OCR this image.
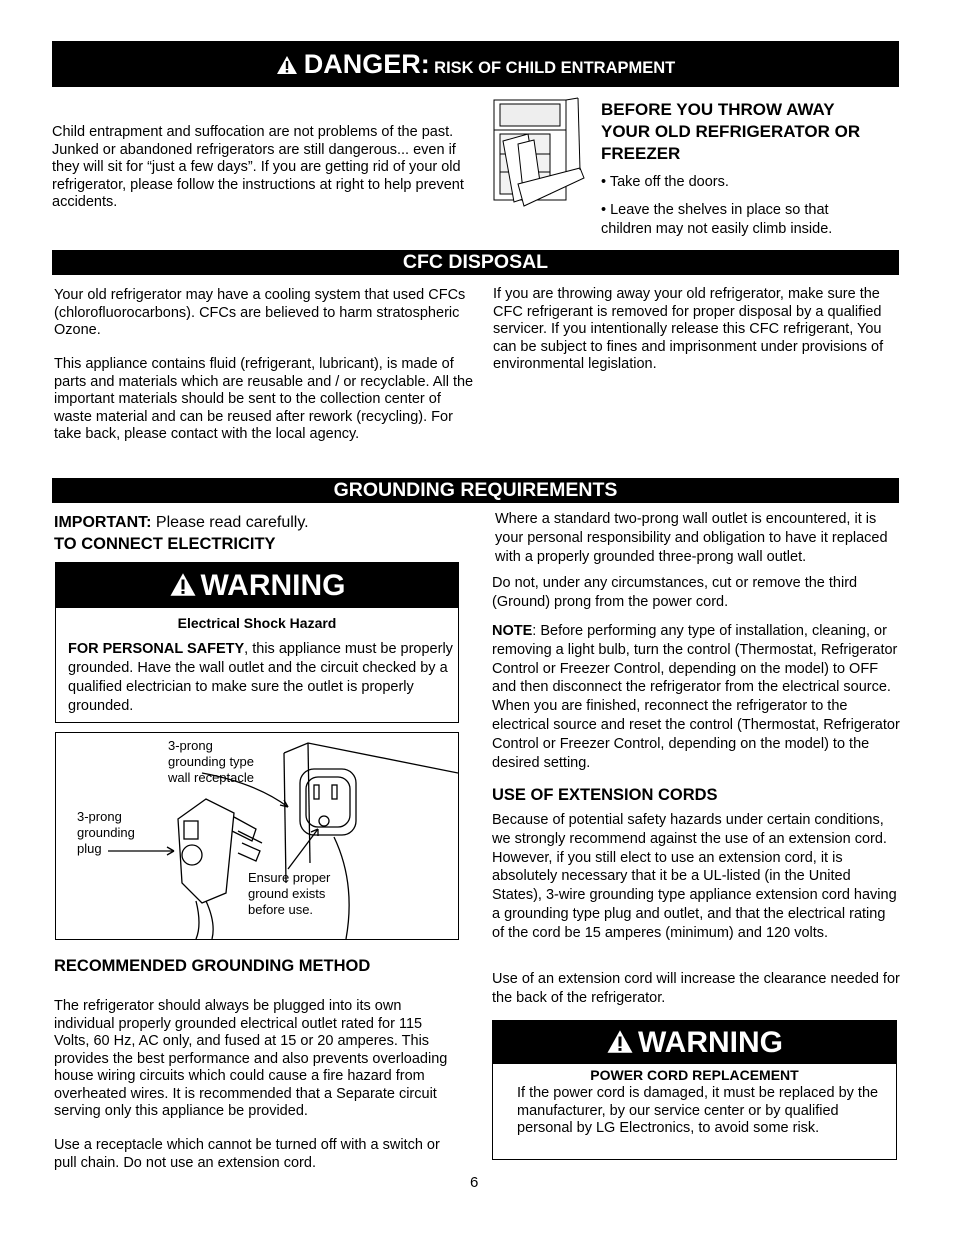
DANGER: RISK OF CHILD ENTRAPMENT

Child entrapment and suffocation are not problems of the past. Junked or abandoned refrigerators are still dangerous... even if they will sit for “just a few days”. If you are getting rid of your old refrigerator, please follow the instructions at right to help prevent accidents.

BEFORE YOU THROW AWAY YOUR OLD REFRIGERATOR OR FREEZER
• Take off the doors.
• Leave the shelves in place so that children may not easily climb inside.
CFC DISPOSAL

Your old refrigerator may have a cooling system that used CFCs (chlorofluorocarbons). CFCs are believed to harm stratospheric Ozone.

This appliance contains fluid (refrigerant, lubricant), is made of parts and materials which are reusable and / or recyclable. All the important materials should be sent to the collection center of waste material and can be reused after rework (recycling). For take back, please contact with the local agency.

If you are throwing away your old refrigerator, make sure the CFC refrigerant is removed for proper disposal by a qualified servicer. If you intentionally release this CFC refrigerant, You can be subject to fines and imprisonment under provisions of environmental legislation.

GROUNDING REQUIREMENTS
IMPORTANT: Please read carefully.
TO CONNECT ELECTRICITY
WARNING
Electrical Shock Hazard
FOR PERSONAL SAFETY, this appliance must be properly grounded. Have the wall outlet and the circuit checked by a qualified electrician to make sure the outlet is properly grounded.
3-prong grounding type wall receptacle
3-prong grounding plug
Ensure proper ground exists before use.
RECOMMENDED GROUNDING METHOD

The refrigerator should always be plugged into its own individual properly grounded electrical outlet rated for 115 Volts, 60 Hz, AC only, and fused at 15 or 20 amperes. This provides the best performance and also prevents overloading house wiring circuits which could cause a fire hazard from overheated wires. It is recommended that a Separate circuit serving only this appliance be provided.

Use a receptacle which cannot be turned off with a switch or pull chain. Do not use an extension cord.

Where a standard two-prong wall outlet is encountered, it is your personal responsibility and obligation to have it replaced with a properly grounded three-prong wall outlet.

Do not, under any circumstances, cut or remove the third (Ground) prong from the power cord.

NOTE: Before performing any type of installation, cleaning, or removing a light bulb, turn the control (Thermostat, Refrigerator Control or Freezer Control, depending on the model) to OFF and then disconnect the refrigerator from the electrical source. When you are finished, reconnect the refrigerator to the electrical source and reset the control (Thermostat, Refrigerator Control or Freezer Control, depending on the model) to the desired setting.
USE OF EXTENSION CORDS

Because of potential safety hazards under certain conditions, we strongly recommend against the use of an extension cord. However, if you still elect to use an extension cord, it is absolutely necessary that it be a UL-listed (in the United States), 3-wire grounding type appliance extension cord having a grounding type plug and outlet, and that the electrical rating of the cord be 15 amperes (minimum) and 120 volts.

Use of an extension cord will increase the clearance needed for the back of the refrigerator.

WARNING
POWER CORD REPLACEMENT

If the power cord is damaged, it must be replaced by the manufacturer, by our service center or by qualified personal by LG Electronics, to avoid some risk.

6
